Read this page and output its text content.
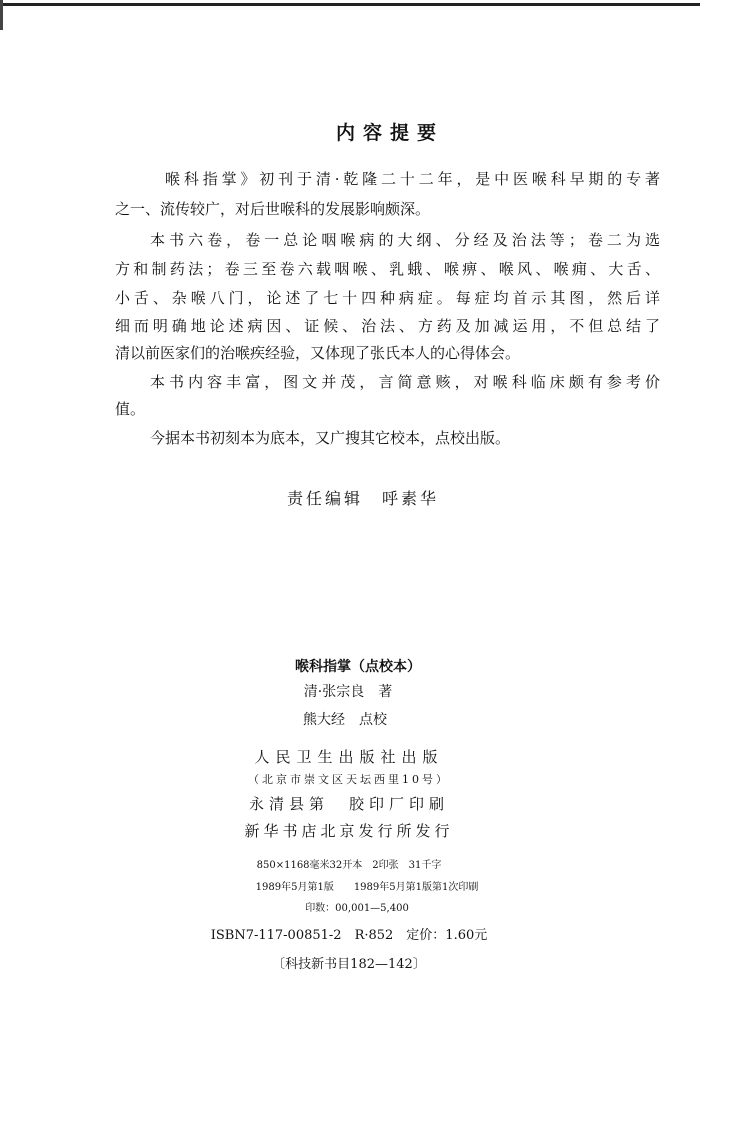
内容提要
喉科指掌》初刊于清·乾隆二十二年，是中医喉科早期的专著
之一、流传较广，对后世喉科的发展影响颇深。
本书六卷，卷一总论咽喉病的大纲、分经及治法等；卷二为选
方和制药法；卷三至卷六载咽喉、乳蛾、喉痹、喉风、喉痈、大舌、
小舌、杂喉八门，论述了七十四种病症。每症均首示其图，然后详
细而明确地论述病因、证候、治法、方药及加减运用，不但总结了
清以前医家们的治喉疾经验，又体现了张氏本人的心得体会。
本书内容丰富，图文并茂，言简意赅，对喉科临床颇有参考价
值。
今据本书初刻本为底本，又广搜其它校本，点校出版。
责任编辑　呼素华
喉科指掌（点校本）
清·张宗良　著
熊大经　点校
人民卫生出版社出版
（北京市崇文区天坛西里10号）
永清县第　胶印厂印刷
新华书店北京发行所发行
850×1168毫米32开本　2印张　31千字
1989年5月第1版　　1989年5月第1版第1次印刷
印数：00,001—5,400
ISBN7-117-00851-2　R·852　定价：1.60元
〔科技新书目182—142〕
